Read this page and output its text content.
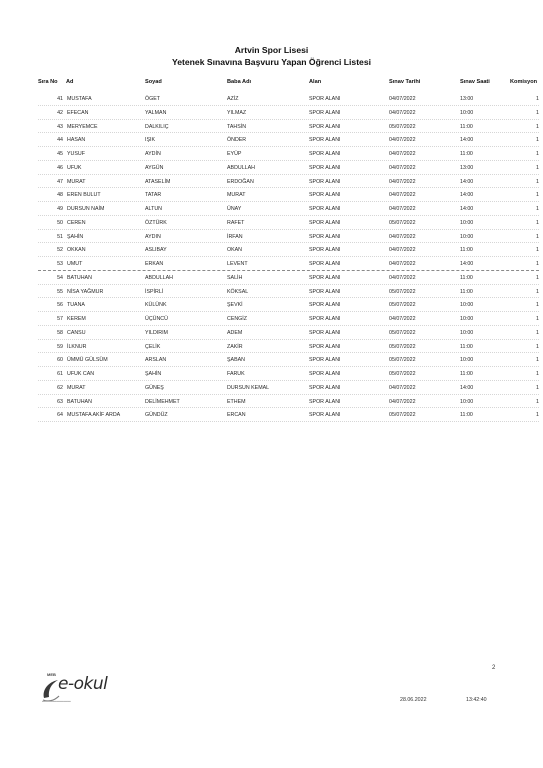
Artvin Spor Lisesi
Yetenek Sınavına Başvuru Yapan Öğrenci Listesi
Sıra No Ad	Soyad	Baba Adı	Alan	Sınav Tarihi	Sınav Saati	Komisyon
41 MUSTAFA	ÖGET	AZİZ	SPOR ALANI	04/07/2022	13:00	1
42 EFECAN	YALMAN	YILMAZ	SPOR ALANI	04/07/2022	10:00	1
43 MERYEMCE	DALKILIÇ	TAHSİN	SPOR ALANI	05/07/2022	11:00	1
44 HASAN	IŞIK	ÖNDER	SPOR ALANI	04/07/2022	14:00	1
45 YUSUF	AYDİN	EYÜP	SPOR ALANI	04/07/2022	11:00	1
46 UFUK	AYGÜN	ABDULLAH	SPOR ALANI	04/07/2022	13:00	1
47 MURAT	ATASELİM	ERDOĞAN	SPOR ALANI	04/07/2022	14:00	1
48 EREN BULUT	TATAR	MURAT	SPOR ALANI	04/07/2022	14:00	1
49 DURSUN NAİM	ALTUN	ÜNAY	SPOR ALANI	04/07/2022	14:00	1
50 CEREN	ÖZTÜRK	RAFET	SPOR ALANI	05/07/2022	10:00	1
51 ŞAHİN	AYDIN	İRFAN	SPOR ALANI	04/07/2022	10:00	1
52 OKKAN	ASLIBAY	OKAN	SPOR ALANI	04/07/2022	11:00	1
53 UMUT	ERKAN	LEVENT	SPOR ALANI	04/07/2022	14:00	1
54 BATUHAN	ABDULLAH	SALİH	SPOR ALANI	04/07/2022	11:00	1
55 NİSA YAĞMUR	İSPİRLİ	KÖKSAL	SPOR ALANI	05/07/2022	11:00	1
56 TUANA	KÜLÜNK	ŞEVKİ	SPOR ALANI	05/07/2022	10:00	1
57 KEREM	ÜÇÜNCÜ	CENGİZ	SPOR ALANI	04/07/2022	10:00	1
58 CANSU	YILDIRIM	ADEM	SPOR ALANI	05/07/2022	10:00	1
59 İLKNUR	ÇELİK	ZAKİR	SPOR ALANI	05/07/2022	11:00	1
60 ÜMMÜ GÜLSÜM	ARSLAN	ŞABAN	SPOR ALANI	05/07/2022	10:00	1
61 UFUK CAN	ŞAHİN	FARUK	SPOR ALANI	05/07/2022	11:00	1
62 MURAT	GÜNEŞ	DURSUN KEMAL	SPOR ALANI	04/07/2022	14:00	1
63 BATUHAN	DELİMEHMET	ETHEM	SPOR ALANI	04/07/2022	10:00	1
64 MUSTAFA AKİF ARDA	GÜNDÜZ	ERCAN	SPOR ALANI	05/07/2022	11:00	1
2
MEB e-okul
▬▬▬▬▬▬▬▬	28.06.2022	13:42:40
